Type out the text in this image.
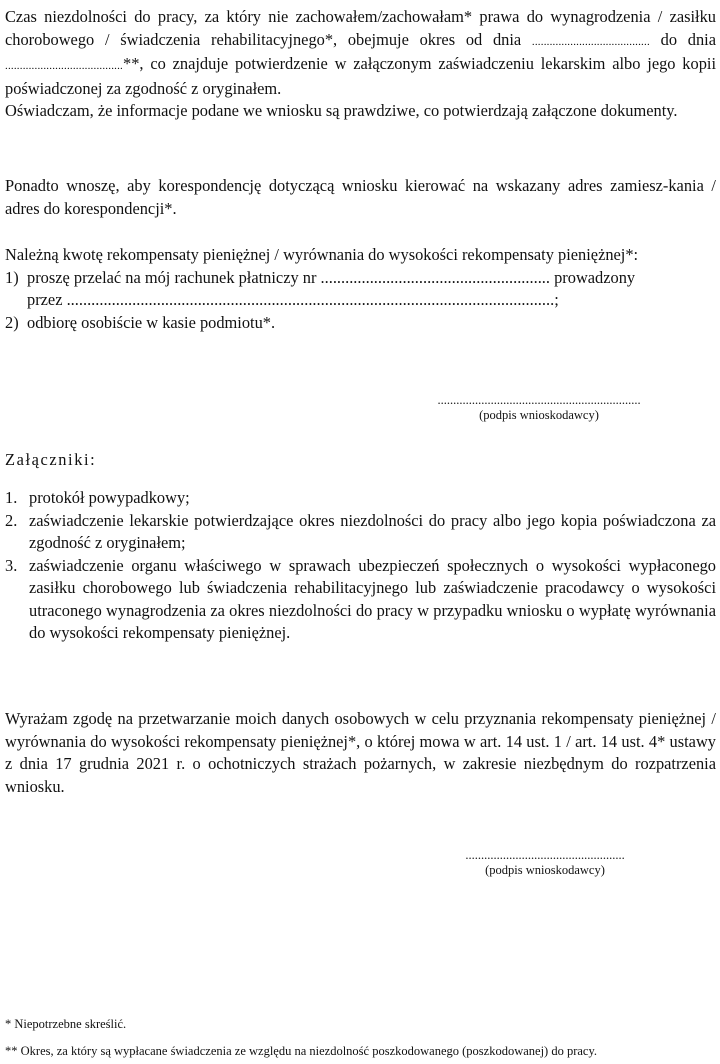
Czas niezdolności do pracy, za który nie zachowałem/zachowałam* prawa do wynagrodzenia / zasiłku chorobowego / świadczenia rehabilitacyjnego*, obejmuje okres od dnia ........................................ do dnia ........................................**, co znajduje potwierdzenie w załączonym zaświadczeniu lekarskim albo jego kopii poświadczonej za zgodność z oryginałem.

Oświadczam, że informacje podane we wniosku są prawdziwe, co potwierdzają załączone dokumenty.

Ponadto wnoszę, aby korespondencję dotyczącą wniosku kierować na wskazany adres zamiesz-kania / adres do korespondencji*.

Należną kwotę rekompensaty pieniężnej / wyrównania do wysokości rekompensaty pieniężnej*:

1) proszę przelać na mój rachunek płatniczy nr ........................................................ prowadzony
przez .......................................................................................................................;
2) odbiorę osobiście w kasie podmiotu*.
.................................................................
(podpis wnioskodawcy)
Załączniki:
1. protokół powypadkowy;
2. zaświadczenie lekarskie potwierdzające okres niezdolności do pracy albo jego kopia poświadczona za zgodność z oryginałem;
3. zaświadczenie organu właściwego w sprawach ubezpieczeń społecznych o wysokości wypłaconego zasiłku chorobowego lub świadczenia rehabilitacyjnego lub zaświadczenie pracodawcy o wysokości utraconego wynagrodzenia za okres niezdolności do pracy w przypadku wniosku o wypłatę wyrównania do wysokości rekompensaty pieniężnej.

Wyrażam zgodę na przetwarzanie moich danych osobowych w celu przyznania rekompensaty pieniężnej / wyrównania do wysokości rekompensaty pieniężnej*, o której mowa w art. 14 ust. 1 / art. 14 ust. 4* ustawy z dnia 17 grudnia 2021 r. o ochotniczych strażach pożarnych, w zakresie niezbędnym do rozpatrzenia wniosku.

...................................................
(podpis wnioskodawcy)
* Niepotrzebne skreślić.
** Okres, za który są wypłacane świadczenia ze względu na niezdolność poszkodowanego (poszkodowanej) do pracy.
